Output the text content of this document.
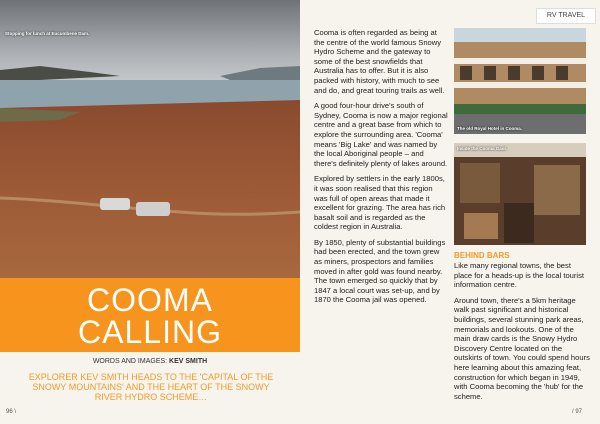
Stopping for lunch at Eucumbene Dam.
COOMA
CALLING
WORDS AND IMAGES: KEV SMITH
EXPLORER KEV SMITH HEADS TO THE 'CAPITAL OF THE SNOWY MOUNTAINS' AND THE HEART OF THE SNOWY RIVER HYDRO SCHEME…
96 \
RV TRAVEL

Cooma is often regarded as being at the centre of the world famous Snowy Hydro Scheme and the gateway to some of the best snowfields that Australia has to offer. But it is also packed with history, with much to see and do, and great touring trails as well.

A good four-hour drive's south of Sydney, Cooma is now a major regional centre and a great base from which to explore the surrounding area. 'Cooma' means 'Big Lake' and was named by the local Aboriginal people – and there's definitely plenty of lakes around.

Explored by settlers in the early 1800s, it was soon realised that this region was full of open areas that made it excellent for grazing. The area has rich basalt soil and is regarded as the coldest region in Australia.

By 1850, plenty of substantial buildings had been erected, and the town grew as miners, prospectors and families moved in after gold was found nearby. The town emerged so quickly that by 1847 a local court was set-up, and by 1870 the Cooma jail was opened.

The old Royal Hotel in Cooma.
Inside the Cooma Gaol.
BEHIND BARS

Like many regional towns, the best place for a heads-up is the local tourist information centre.

Around town, there's a 5km heritage walk past significant and historical buildings, several stunning park areas, memorials and lookouts. One of the main draw cards is the Snowy Hydro Discovery Centre located on the outskirts of town. You could spend hours here learning about this amazing feat, construction for which began in 1949, with Cooma becoming the 'hub' for the scheme.

/ 97
